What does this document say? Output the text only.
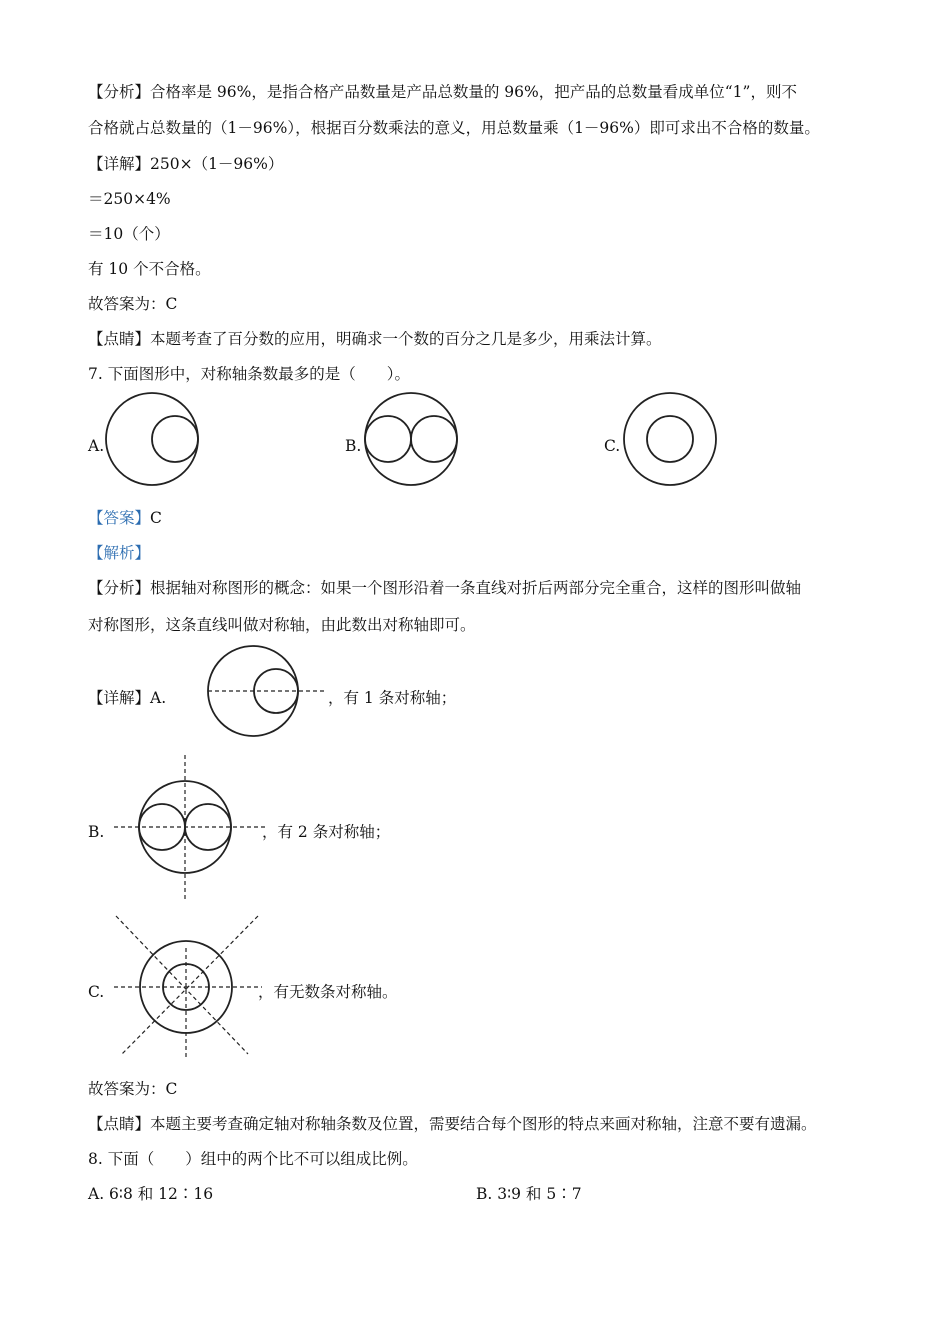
【分析】合格率是 96%，是指合格产品数量是产品总数量的 96%，把产品的总数量看成单位“1”，则不
合格就占总数量的（1－96%），根据百分数乘法的意义，用总数量乘（1－96%）即可求出不合格的数量。
【详解】250×（1－96%）
＝250×4%
＝10（个）
有 10 个不合格。
故答案为：C
【点睛】本题考查了百分数的应用，明确求一个数的百分之几是多少，用乘法计算。
7. 下面图形中，对称轴条数最多的是（　　）。
A.	B.	C.
【答案】C
【解析】
【分析】根据轴对称图形的概念：如果一个图形沿着一条直线对折后两部分完全重合，这样的图形叫做轴
对称图形，这条直线叫做对称轴，由此数出对称轴即可。
【详解】A.	，有 1 条对称轴；
B.	，有 2 条对称轴；
C.	，有无数条对称轴。
故答案为：C
【点睛】本题主要考查确定轴对称轴条数及位置，需要结合每个图形的特点来画对称轴，注意不要有遗漏。
8. 下面（　　）组中的两个比不可以组成比例。
A. 6∶8 和 12∶16	B. 3∶9 和 5∶7
